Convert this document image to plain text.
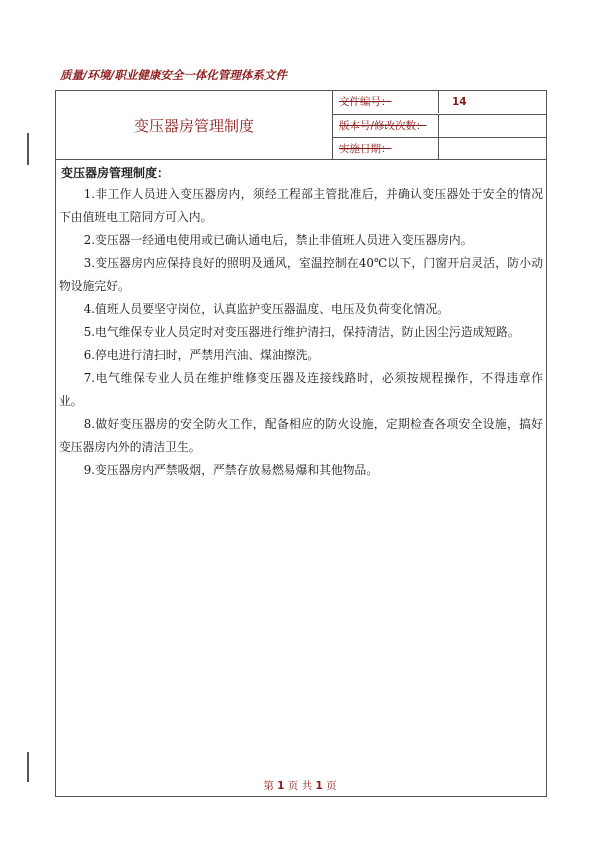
质量/环境/职业健康安全一体化管理体系文件
变压器房管理制度
文件编号：	14
版本号/修改次数：
实施日期：

变压器房管理制度：

1.非工作人员进入变压器房内，须经工程部主管批准后，并确认变压器处于安全的情况下由值班电工陪同方可入内。

2.变压器一经通电使用或已确认通电后，禁止非值班人员进入变压器房内。

3.变压器房内应保持良好的照明及通风，室温控制在40℃以下，门窗开启灵活，防小动物设施完好。

4.值班人员要坚守岗位，认真监护变压器温度、电压及负荷变化情况。

5.电气维保专业人员定时对变压器进行维护清扫，保持清洁，防止因尘污造成短路。

6.停电进行清扫时，严禁用汽油、煤油擦洗。

7.电气维保专业人员在维护维修变压器及连接线路时，必须按规程操作，不得违章作业。

8.做好变压器房的安全防火工作，配备相应的防火设施，定期检查各项安全设施，搞好变压器房内外的清洁卫生。

9.变压器房内严禁吸烟，严禁存放易燃易爆和其他物品。

第 1 页 共 1 页
